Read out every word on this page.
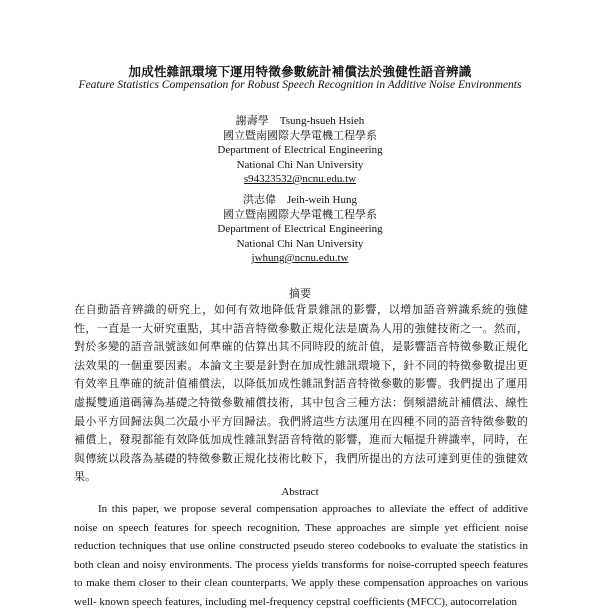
加成性雜訊環境下運用特徵參數統計補償法於強健性語音辨識
Feature Statistics Compensation for Robust Speech Recognition in Additive Noise Environments
謝壽學　Tsung-hsueh Hsieh
國立暨南國際大學電機工程學系
Department of Electrical Engineering
National Chi Nan University
s94323532@ncnu.edu.tw
洪志偉　Jeih-weih Hung
國立暨南國際大學電機工程學系
Department of Electrical Engineering
National Chi Nan University
jwhung@ncnu.edu.tw
摘要
在自動語音辨識的研究上，如何有效地降低背景雜訊的影響，以增加語音辨識系統的強健性，一直是一大研究重點，其中語音特徵參數正規化法是廣為人用的強健技術之一。然而，對於多變的語音訊號該如何準確的估算出其不同時段的統計值，是影響語音特徵參數正規化法效果的一個重要因素。本論文主要是針對在加成性雜訊環境下，針不同的特徵參數提出更有效率且準確的統計值補償法，以降低加成性雜訊對語音特徵參數的影響。我們提出了運用虛擬雙通道碼簿為基礎之特徵參數補償技術，其中包含三種方法：倒頻譜統計補償法、線性最小平方回歸法與二次最小平方回歸法。我們將這些方法運用在四種不同的語音特徵參數的補償上，發現都能有效降低加成性雜訊對語音特徵的影響，進而大幅提升辨識率，同時，在與傳統以段落為基礎的特徵參數正規化技術比較下，我們所提出的方法可達到更佳的強健效果。
Abstract
In this paper, we propose several compensation approaches to alleviate the effect of additive noise on speech features for speech recognition. These approaches are simple yet efficient noise reduction techniques that use online constructed pseudo stereo codebooks to evaluate the statistics in both clean and noisy environments. The process yields transforms for noise-corrupted speech features to make them closer to their clean counterparts. We apply these compensation approaches on various well- known speech features, including mel-frequency cepstral coefficients (MFCC), autocorrelation
